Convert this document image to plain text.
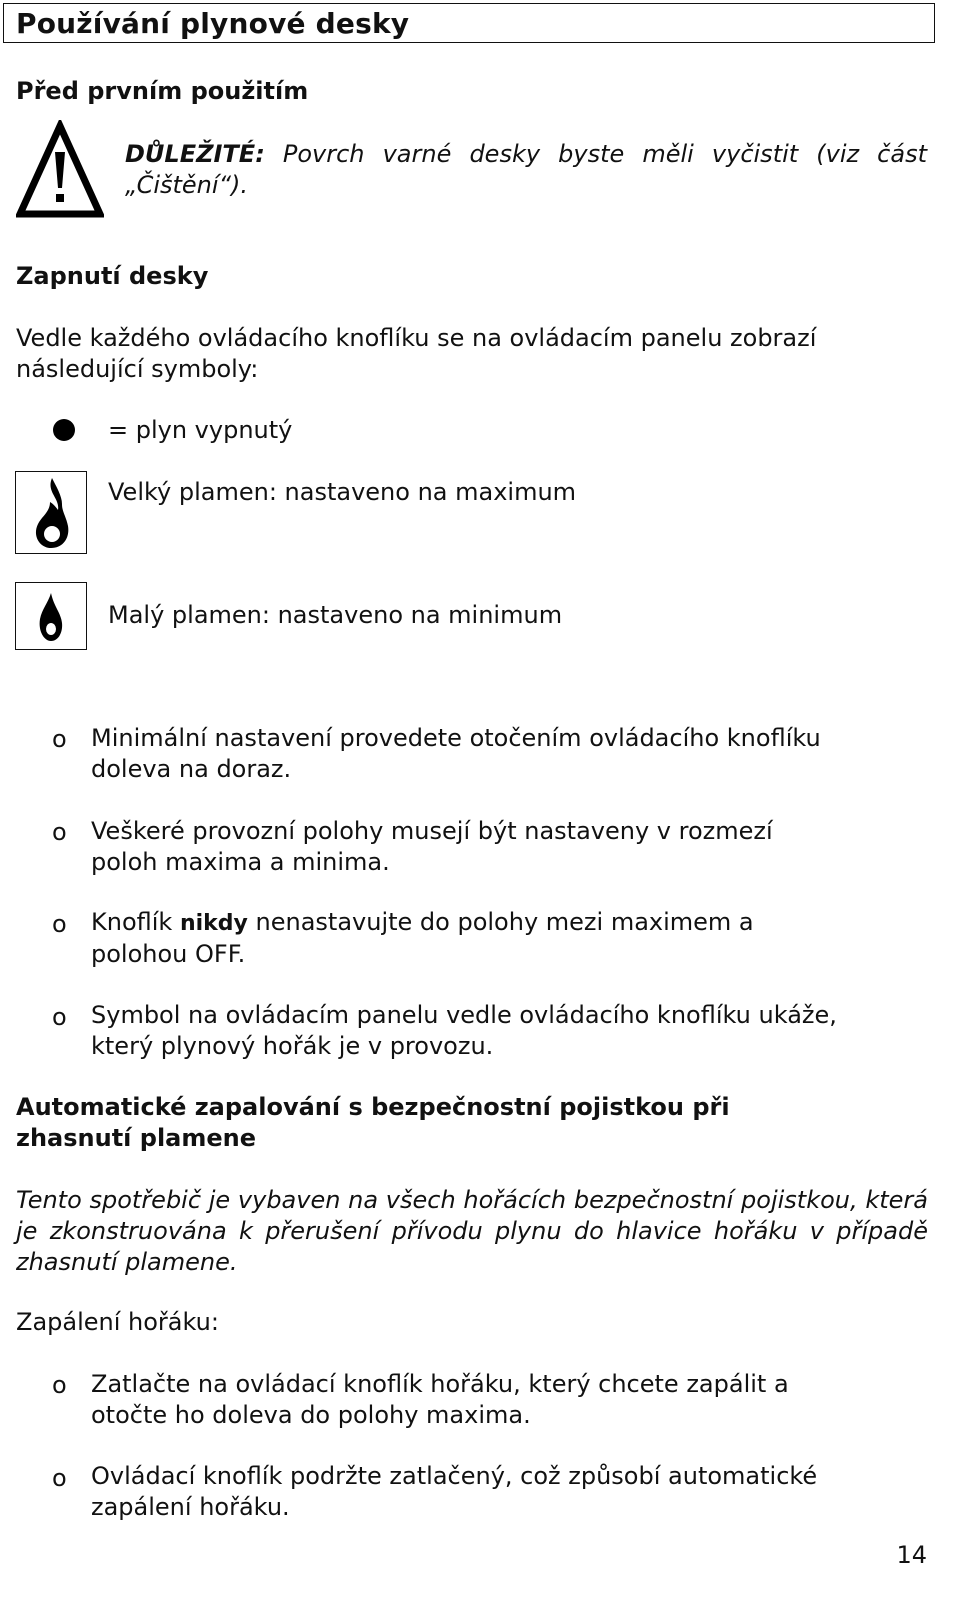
Používání plynové desky
Před prvním použitím

DŮLEŽITÉ: Povrch varné desky byste měli vyčistit (viz část „Čištění“).

Zapnutí desky

Vedle každého ovládacího knoflíku se na ovládacím panelu zobrazí

následující symboly:

= plyn vypnutý
Velký plamen: nastaveno na maximum
Malý plamen: nastaveno na minimum
o Minimální nastavení provedete otočením ovládacího knoflíku
doleva na doraz.

o Veškeré provozní polohy musejí být nastaveny v rozmezí
poloh maxima a minima.

o Knoflík nikdy nenastavujte do polohy mezi maximem a
polohou OFF.

o Symbol na ovládacím panelu vedle ovládacího knoflíku ukáže,
který plynový hořák je v provozu.

Automatické zapalování s bezpečnostní pojistkou při
zhasnutí plamene

Tento spotřebič je vybaven na všech hořácích bezpečnostní pojistkou, která je zkonstruována k přerušení přívodu plynu do hlavice hořáku v případě zhasnutí plamene.

Zapálení hořáku:

o Zatlačte na ovládací knoflík hořáku, který chcete zapálit a
otočte ho doleva do polohy maxima.

o Ovládací knoflík podržte zatlačený, což způsobí automatické
zapálení hořáku.

14
